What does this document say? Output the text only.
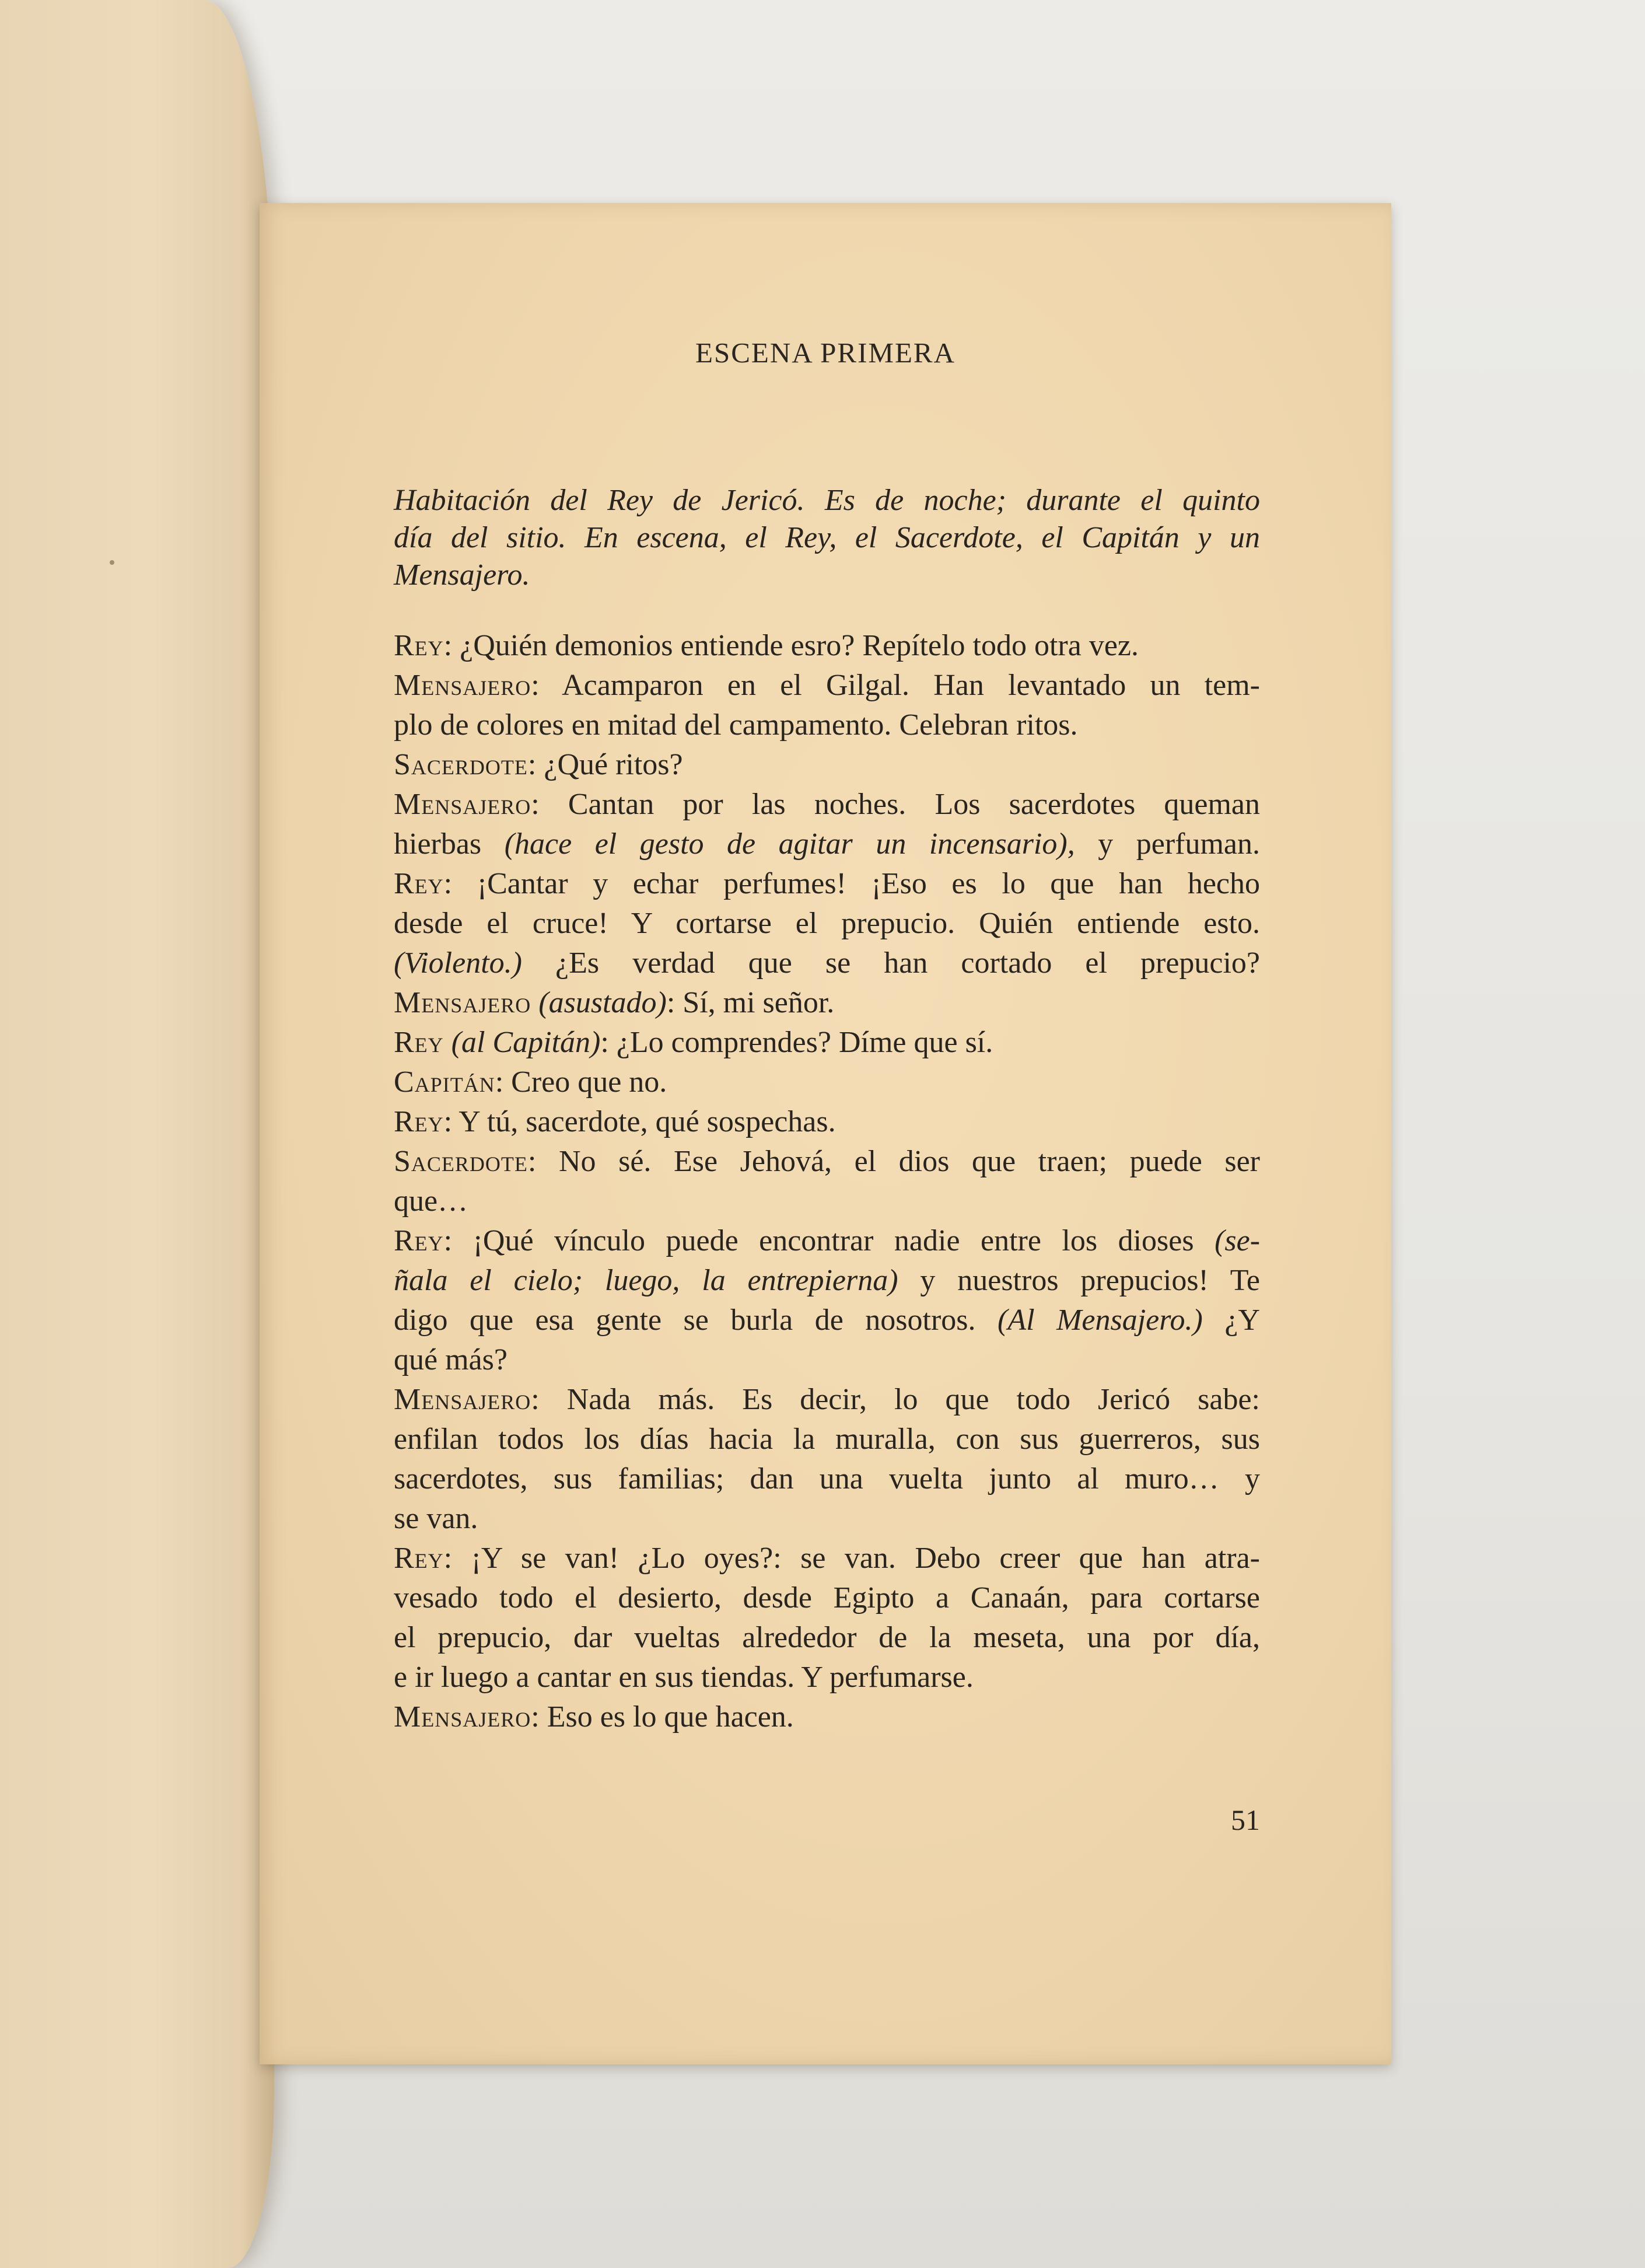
ESCENA PRIMERA
Habitación del Rey de Jericó. Es de noche; durante el quinto
día del sitio. En escena, el Rey, el Sacerdote, el Capitán y un
Mensajero.
Rey: ¿Quién demonios entiende esro? Repítelo todo otra vez.
Mensajero: Acamparon en el Gilgal. Han levantado un tem-
plo de colores en mitad del campamento. Celebran ritos.
Sacerdote: ¿Qué ritos?
Mensajero: Cantan por las noches. Los sacerdotes queman
hierbas (hace el gesto de agitar un incensario), y perfuman.
Rey: ¡Cantar y echar perfumes! ¡Eso es lo que han hecho
desde el cruce! Y cortarse el prepucio. Quién entiende esto.
(Violento.) ¿Es verdad que se han cortado el prepucio?
Mensajero (asustado): Sí, mi señor.
Rey (al Capitán): ¿Lo comprendes? Díme que sí.
Capitán: Creo que no.
Rey: Y tú, sacerdote, qué sospechas.
Sacerdote: No sé. Ese Jehová, el dios que traen; puede ser
que…
Rey: ¡Qué vínculo puede encontrar nadie entre los dioses (se-
ñala el cielo; luego, la entrepierna) y nuestros prepucios! Te
digo que esa gente se burla de nosotros. (Al Mensajero.) ¿Y
qué más?
Mensajero: Nada más. Es decir, lo que todo Jericó sabe:
enfilan todos los días hacia la muralla, con sus guerreros, sus
sacerdotes, sus familias; dan una vuelta junto al muro… y
se van.
Rey: ¡Y se van! ¿Lo oyes?: se van. Debo creer que han atra-
vesado todo el desierto, desde Egipto a Canaán, para cortarse
el prepucio, dar vueltas alrededor de la meseta, una por día,
e ir luego a cantar en sus tiendas. Y perfumarse.
Mensajero: Eso es lo que hacen.
51
